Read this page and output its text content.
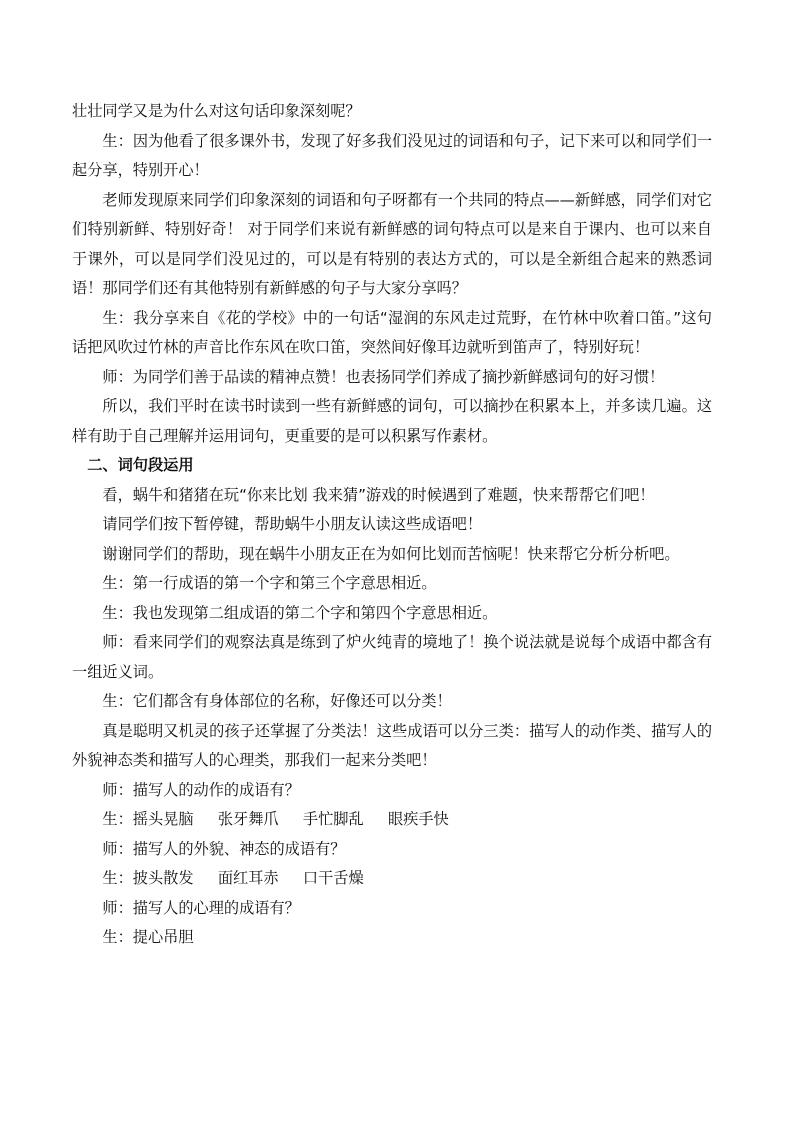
壮壮同学又是为什么对这句话印象深刻呢？

生：因为他看了很多课外书，发现了好多我们没见过的词语和句子，记下来可以和同学们一起分享，特别开心！

老师发现原来同学们印象深刻的词语和句子呀都有一个共同的特点——新鲜感，同学们对它们特别新鲜、特别好奇！ 对于同学们来说有新鲜感的词句特点可以是来自于课内、也可以来自于课外，可以是同学们没见过的，可以是有特别的表达方式的，可以是全新组合起来的熟悉词语！那同学们还有其他特别有新鲜感的句子与大家分享吗？

生：我分享来自《花的学校》中的一句话“湿润的东风走过荒野，在竹林中吹着口笛。”这句话把风吹过竹林的声音比作东风在吹口笛，突然间好像耳边就听到笛声了，特别好玩！

师：为同学们善于品读的精神点赞！也表扬同学们养成了摘抄新鲜感词句的好习惯！

所以，我们平时在读书时读到一些有新鲜感的词句，可以摘抄在积累本上，并多读几遍。这样有助于自己理解并运用词句，更重要的是可以积累写作素材。

二、词句段运用

看，蜗牛和猪猪在玩“你来比划 我来猜”游戏的时候遇到了难题，快来帮帮它们吧！

请同学们按下暂停键，帮助蜗牛小朋友认读这些成语吧！

谢谢同学们的帮助，现在蜗牛小朋友正在为如何比划而苦恼呢！快来帮它分析分析吧。

生：第一行成语的第一个字和第三个字意思相近。

生：我也发现第二组成语的第二个字和第四个字意思相近。

师：看来同学们的观察法真是练到了炉火纯青的境地了！换个说法就是说每个成语中都含有一组近义词。

生：它们都含有身体部位的名称，好像还可以分类！

真是聪明又机灵的孩子还掌握了分类法！这些成语可以分三类：描写人的动作类、描写人的外貌神态类和描写人的心理类，那我们一起来分类吧！

师：描写人的动作的成语有？

生：摇头晃脑 张牙舞爪 手忙脚乱 眼疾手快

师：描写人的外貌、神态的成语有？

生：披头散发 面红耳赤 口干舌燥

师：描写人的心理的成语有？

生：提心吊胆
